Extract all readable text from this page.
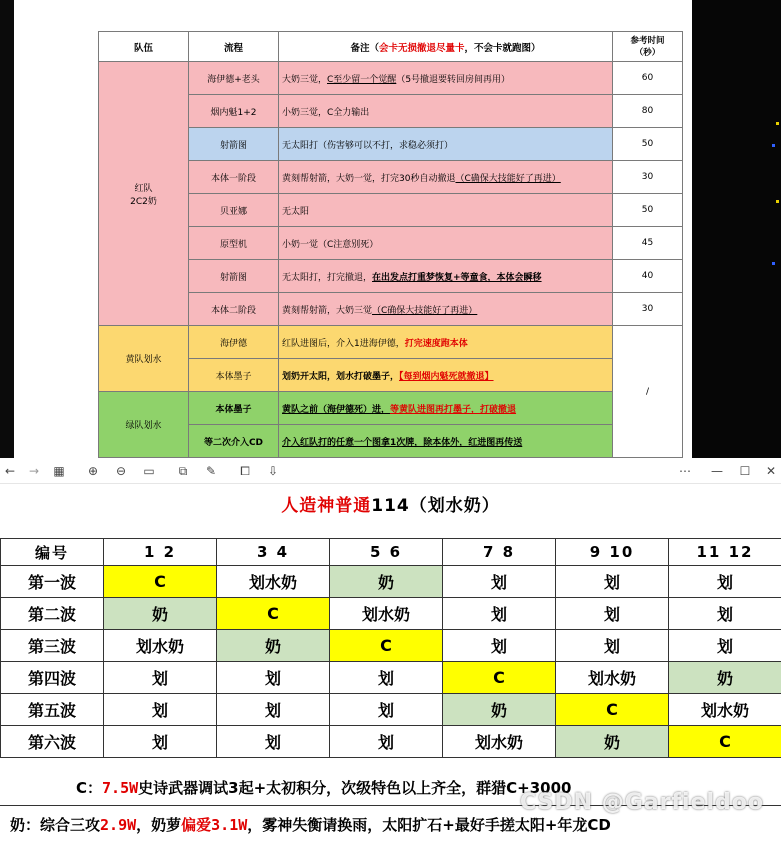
队伍	流程	备注（会卡无损撤退尽量卡，不会卡就跑图）	参考时间
（秒）

红队
2C2奶	海伊德+老头	大奶三觉，C至少留一个觉醒（5号撤退要转回房间再用）	60
	烟内魁1+2	小奶三觉，C全力输出	80
	射箭图	无太阳打（伤害够可以不打，求稳必须打）	50
	本体一阶段	黄刻帮射箭，大奶一觉，打完30秒自动撤退（C确保大技能好了再进）	30
	贝亚娜	无太阳	50
	原型机	小奶一觉（C注意别死）	45
	射箭图	无太阳打，打完撤退，在出发点打重梦恢复+等童食，本体会瞬移	40
	本体二阶段	黄刻帮射箭，大奶三觉（C确保大技能好了再进）	30
黄队划水	海伊德	红队进图后，介入1进海伊德，打完速度跑本体	/
	本体墨子	划奶开太阳，划水打破墨子，【每到烟内魁死就撤退】	
绿队划水	本体墨子	黄队之前（海伊德死）进，等黄队进图再打墨子，打破撤退	
	等二次介入CD	介入红队打的任意一个图拿1次牌，除本体外，红进图再传送	
← → ▦	⊕	⊖	▭	⧉	✎	⧠	⇩	⋯ —	☐	✕
人造神普通 114（划水奶）
编号	1 2	3 4	5 6	7 8	9 10	11 12
第一波	C	划水奶	奶	划	划	划
第二波	奶	C	划水奶	划	划	划
第三波	划水奶	奶	C	划	划	划
第四波	划	划	划	C	划水奶	奶
第五波	划	划	划	奶	C	划水奶
第六波	划	划	划	划水奶	奶	C
C： 7.5W 史诗武器调试3起+太初积分，次级特色以上齐全，群猎C+3000
奶：综合三攻 2.9W ，奶萝 偏爱3.1W ，雾神失衡请换雨，太阳扩石+最好手搓太阳+年龙CD
CSDN @Garfieldoo
